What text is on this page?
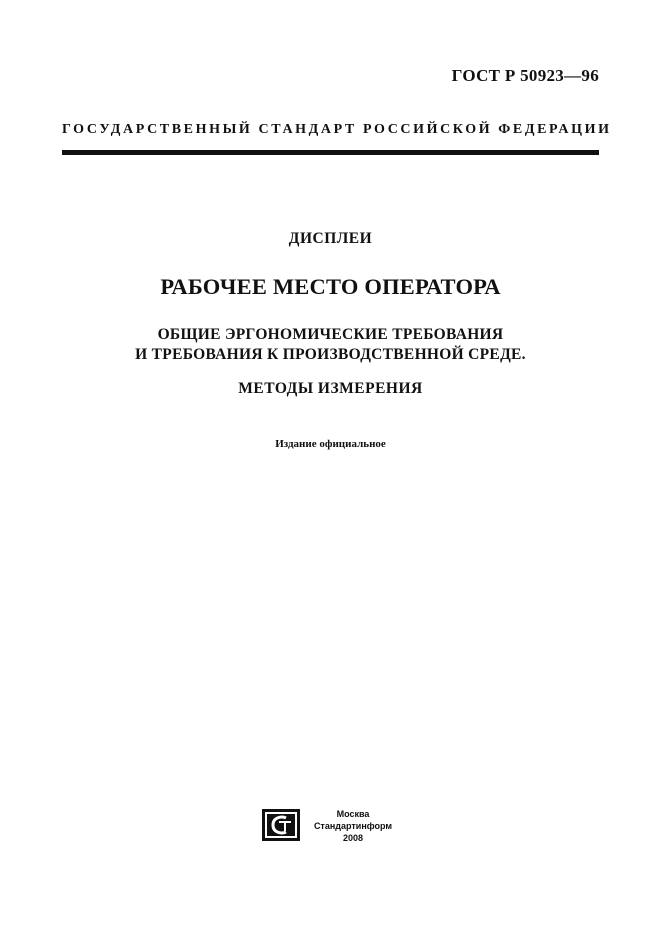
ГОСТ Р 50923—96
ГОСУДАРСТВЕННЫЙ СТАНДАРТ РОССИЙСКОЙ ФЕДЕРАЦИИ
ДИСПЛЕИ
РАБОЧЕЕ МЕСТО ОПЕРАТОРА
ОБЩИЕ ЭРГОНОМИЧЕСКИЕ ТРЕБОВАНИЯ
И ТРЕБОВАНИЯ К ПРОИЗВОДСТВЕННОЙ СРЕДЕ.
МЕТОДЫ ИЗМЕРЕНИЯ
Издание официальное
Москва
Стандартинформ
2008
